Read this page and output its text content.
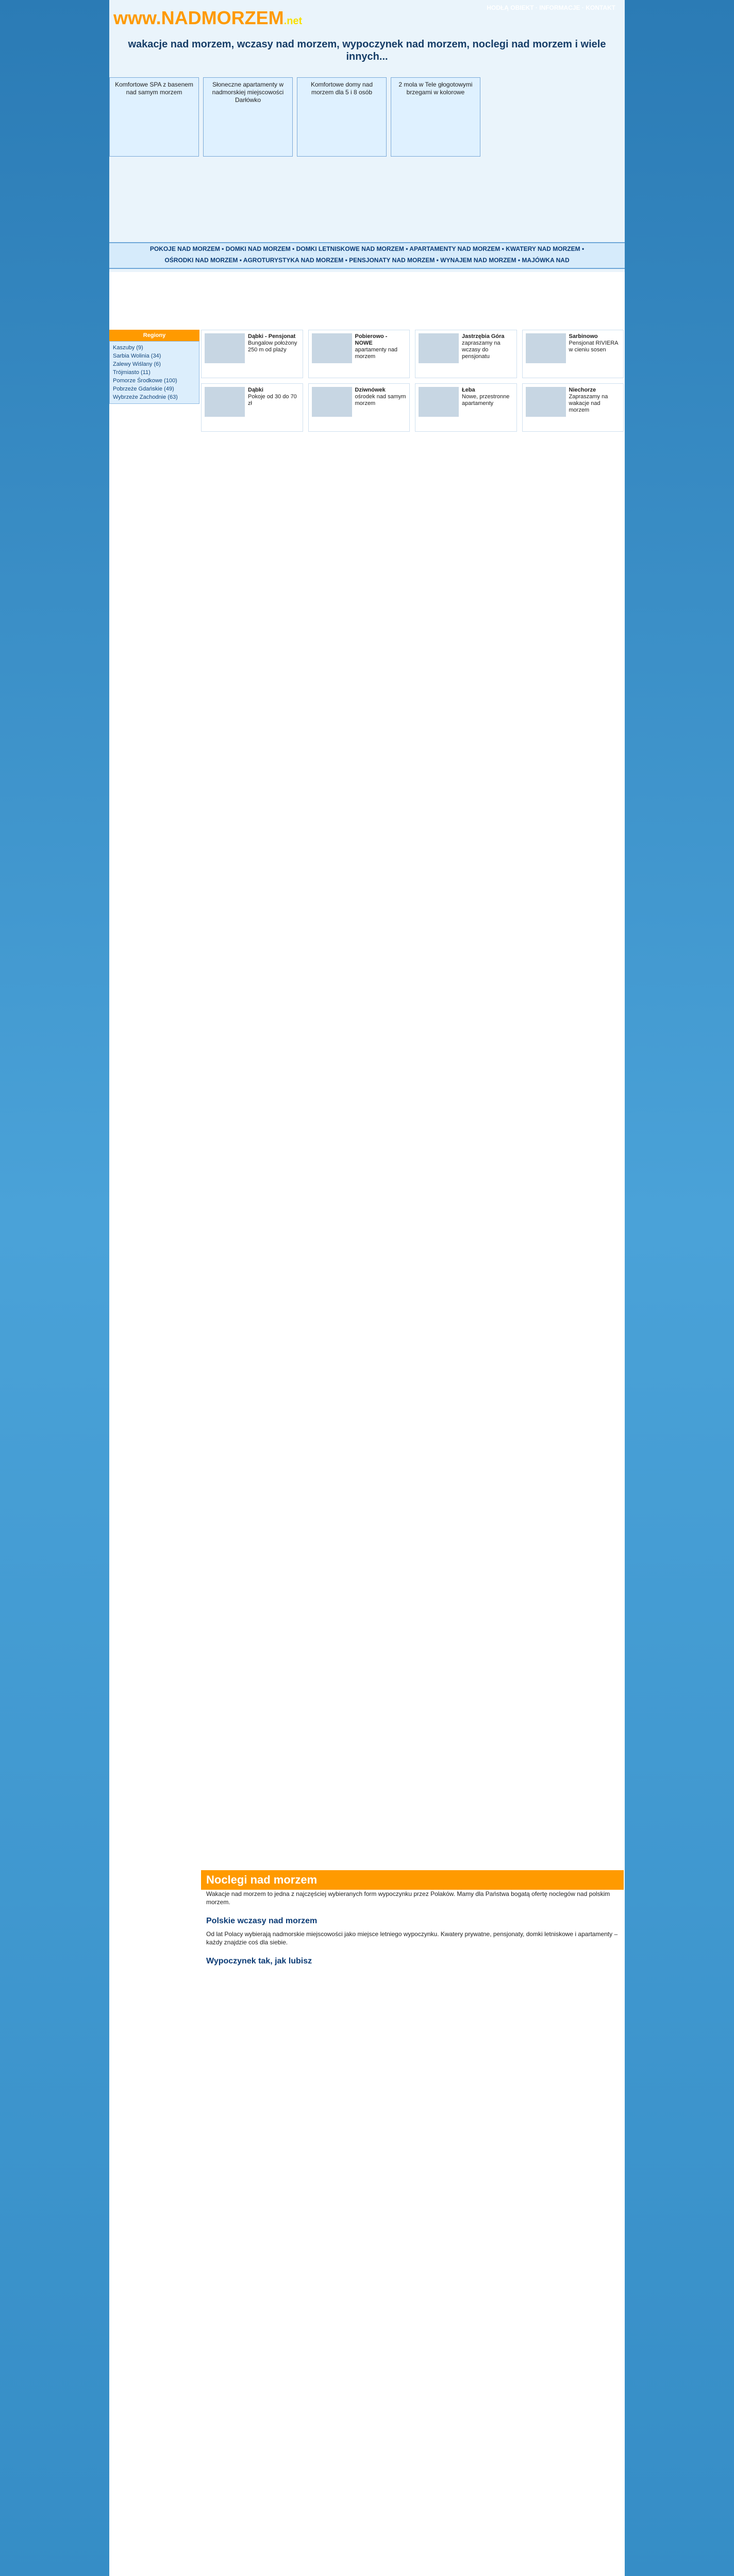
www.NADMORZEM.net
HODŁĄ OBIEKT · INFORMACJE · KONTAKT
wakacje nad morzem, wczasy nad morzem, wypoczynek nad morzem, noclegi nad morzem i wiele innych...
Komfortowe SPA z basenem nad samym morzem
Słoneczne apartamenty w nadmorskiej miejscowości Darłówko
Komfortowe domy nad morzem dla 5 i 8 osób
2 mola w Tele głogotowymi brzegami w kolorowe
POKOJE NAD MORZEM • DOMKI NAD MORZEM • DOMKI LETNISKOWE NAD MORZEM • APARTAMENTY NAD MORZEM • KWATERY NAD MORZEM •
OŚRODKI NAD MORZEM • AGROTURYSTYKA NAD MORZEM • PENSJONATY NAD MORZEM • WYNAJEM NAD MORZEM • MAJÓWKA NAD
Regiony
Kaszuby (9)
Sarbia Wolinia (34)
Zalewy Wiślany (6)
Trójmiasto (11)
Pomorze Środkowe (100)
Pobrzeże Gdańskie (49)
Wybrzeże Zachodnie (63)
Dąbki - Pensjonat
Bungalow położony 250 m od plaży
Pobierowo - NOWE
apartamenty nad morzem
Jastrzębia Góra
zapraszamy na wczasy do pensjonatu
Sarbinowo
Pensjonat RIVIERA w cieniu sosen
Dąbki
Pokoje od 30 do 70 zł
Dziwnówek
ośrodek nad samym morzem
Łeba
Nowe, przestronne apartamenty
Niechorze
Zapraszamy na wakacje nad morzem
Noclegi nad morzem

Wakacje nad morzem to jedna z najczęściej wybieranych form wypoczynku przez Polaków. Mamy dla Państwa bogatą ofertę noclegów nad polskim morzem.

Polskie wczasy nad morzem

Od lat Polacy wybierają nadmorskie miejscowości jako miejsce letniego wypoczynku. Kwatery prywatne, pensjonaty, domki letniskowe i apartamenty – każdy znajdzie coś dla siebie.

Wypoczynek tak, jak lubisz
